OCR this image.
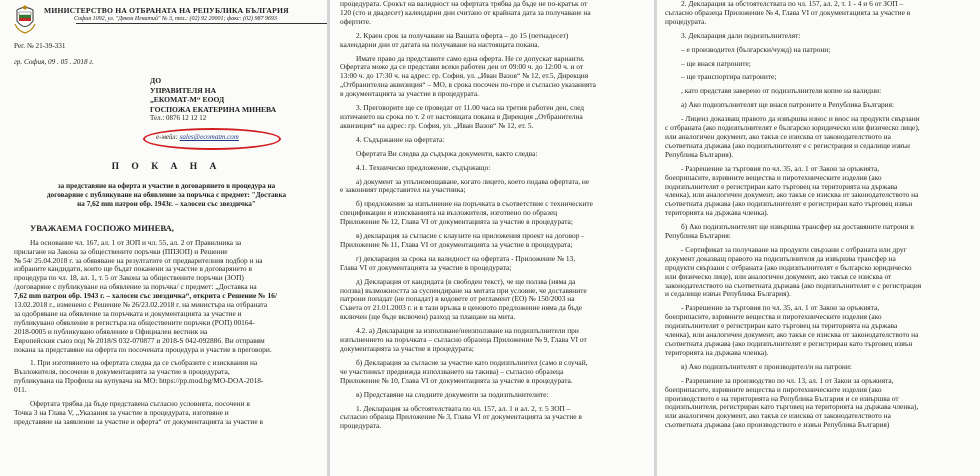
МИНИСТЕРСТВО НА ОТБРАНАТА НА РЕПУБЛИКА БЪЛГАРИЯ
София 1092, ул. "Дякон Игнатий" № 3, тел.: (02) 92 20001; факс: (02) 987 9693
Рег. № 21-39-331
гр. София, 09 . 05 . 2018 г.
ДО
УПРАВИТЕЛЯ НА
„ЕКОМАТ-М“ ЕООД
ГОСПОЖА ЕКАТЕРИНА МИНЕВА
Тел.: 0876 12 12 12
e-мейл: sales@ecomatm.com
П О К А Н А
за представяне на оферта и участие в договарянето в процедура на
договаряне с публикуване на обявление за поръчка с предмет: "Доставка
на 7,62 mm патрон обр. 1943г. – халосен със звездичка"
УВАЖАЕМА ГОСПОЖО МИНЕВА,

На основание чл. 167, ал. 1 от ЗОП и чл. 55, ал. 2 от Правилника за

прилагане на Закона за обществените поръчки (ППЗОП) и Решение

№ 54/ 25.04.2018 г. за обявяване на резултатите от предварителния подбор и на

избраните кандидати, които ще бъдат поканени за участие в договарянето в

процедура по чл. 18, ал. 1, т. 5 от Закона за обществените поръчки (ЗОП)

/договаряне с публикуване на обявление за поръчка/ с предмет: „Доставка на

7,62 mm патрон обр. 1943 г. – халосен със звездичка“, открита с Решение № 16/

13.02.2018 г., изменено с Решение № 26/23.02.2018 г. на министъра на отбраната

за одобряване на обявление за поръчката и документацията за участие и

публикувано обявление в регистъра на обществените поръчки (РОП) 00164-

2018-0005 и публикувано обявление в Официален вестник на

Европейския съюз под № 2018/S 032-070877 и 2018-S 042-092886. Ви отправям

покана за представяне на оферта по посочената процедура и участие в преговори.

1. При изготвянето на офертата следва да се съобразите с изисквания на

Възложителя, посочени в документацията за участие в процедурата,

публикувана на Профила на купувача на МО: https://pp.mod.bg/MO-DOA-2018-

011.

Офертата трябва да бъде представена съгласно условията, посочени в

Точка 3 на Глава V, „Указания за участие в процедурата, изготвяне и

представяне на заявление за участие и оферта“ от документацията за участие в

процедурата. Срокът на валидност на офертата трябва да бъде не по-кратък от

120 (сто и двадесет) календарни дни считано от крайната дата за получаване на

офертите.

2. Краен срок за получаване на Вашата оферта – до 15 (петнадесет)

календарни дни от датата на получаване на настоящата покана.

Имате право да представите само една оферта. Не се допускат варианти.

Офертата може да се представи всеки работен ден от 09:00 ч. до 12:00 ч. и от

13:00 ч. до 17:30 ч. на адрес: гр. София, ул. „Иван Вазов“ № 12, ет.5, Дирекция

„Отбранителна аквизиция“ – МО, в срока посочен по-горе и съгласно указанията

в документацията за участие в процедурата.

3. Преговорите ще се проведат от 11.00 часа на третия работен ден, след

изтичането на срока по т. 2 от настоящата покана в Дирекция „Отбранителна

аквизиция“ на адрес: гр. София, ул. „Иван Вазов“ № 12, ет. 5.

4. Съдържание на офертата:

Офертата Ви следва да съдържа документи, както следва:

4.1. Техническо предложение, съдържащо:

а) документ за упълномощаване, когато лицето, което подава офертата, не

е законният представител на участника;

б) предложение за изпълнение на поръчката в съответствие с техническите

спецификации и изискванията на възложителя, изготвено по образец

Приложение № 12, Глава VI от документацията за участие в процедурата;

в) декларация за съгласие с клаузите на приложения проект на договор -

Приложение № 11, Глава VI от документацията за участие в процедурата;

г) декларация за срока на валидност на офертата - Приложение № 13,

Глава VI от документацията за участие в процедурата;

д) Декларация от кандидата (в свободен текст), че ще ползва (няма да

ползва) възможността за суспендиране на митата при условие, че доставяните

патрони попадат (не попадат) в кодовете от регламент (ЕО) № 150/2003 на

Съвета от 21.01.2003 г. и в тази връзка в ценовото предложение няма да бъде

включен (ще бъде включен) разход за плащане на мита.

4.2. а) Декларация за използване/неизползване на подизпълнители при

изпълнението на поръчката – съгласно образеца Приложение № 9, Глава VI от

документацията за участие в процедурата;

б) Декларация за съгласие за участие като подизпълнител (само в случай,

че участникът предвижда използването на такива) – съгласно образеца

Приложение № 10, Глава VI от документацията за участие в процедурата.

в) Представяне на следните документи за подизпълнителите:

1. Декларация за обстоятелствата по чл. 157, ал. 1 и ал. 2, т. 5 ЗОП –

съгласно образца Приложение № 3, Глава VI от документацията за участие в

процедурата.

2. Декларация за обстоятелствата по чл. 157, ал. 2, т. 1 - 4 и 6 от ЗОП –

съгласно образеца Приложение № 4, Глава VI от документацията за участие в

процедурата.

3. Декларация дали подизпълнителят:

– е производител (български/чужд) на патрони;

– ще внася патроните;

– ще транспортира патроните;

, като представя заверено от подизпълнителя копие на валидни:

а) Ако подизпълнителят ще внася патроните в Република България:

- Лиценз доказващ правото да извършва износ и внос на продукти свързани

с отбраната (ако подизпълнителят е българско юридическо или физическо лице),

или аналогичен документ, ако такъв се изисква от законодателството на

съответната държава (ако подизпълнителят е с регистрация и седалище извън

Република България).

- Разрешение за търговия по чл. 35, ал. 1 от Закон за оръжията,

боеприпасите, взривните вещества и пиротехническите изделия (ако

подизпълнителят е регистриран като търговец на територията на държава

членка), или аналогичен документ, ако такъв се изисква от законодателството на

съответната държава (ако подизпълнителят е регистриран като търговец извън

територията на държава членка).

б) Ако подизпълнителят ще извършва трансфер на доставяните патрони в

Република България:

- Сертификат за получаване на продукти свързани с отбраната или друг

документ доказващ правото на подизпълнителя да извършва трансфер на

продукти свързани с отбраната (ако подизпълнителят е българско юридическо

или физическо лице), или аналогичен документ, ако такъв се изисква от

законодателството на съответната държава (ако подизпълнителят е с регистрация

и седалище извън Република България).

- Разрешение за търговия по чл. 35, ал. 1 от Закон за оръжията,

боеприпасите, взривните вещества и пиротехническите изделия (ако

подизпълнителят е регистриран като търговец на територията на държава

членка), или аналогичен документ, ако такъв се изисква от законодателството на

съответната държава (ако подизпълнителят е регистриран като търговец извън

територията на държава членка).

в) Ако подизпълнителят е производител/и на патрони:

- Разрешение за производство по чл. 13, ал. 1 от Закон за оръжията,

боеприпасите, взривните вещества и пиротехническите изделия (ако

производството е на територията на Република България и се извършва от

подизпълнителя, регистриран като търговец на територията на държава членка),

или аналогичен документ, ако такъв се изисква от законодателството на

съответната държава (ако производството е извън Република България)
